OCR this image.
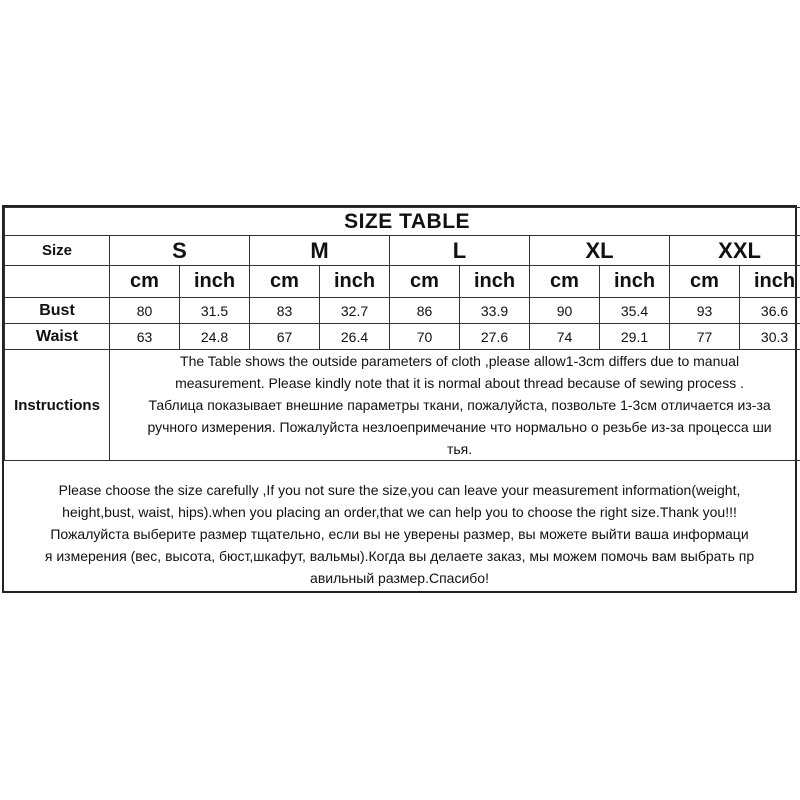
SIZE TABLE										
Size	S		M		L		XL		XXL	
	cm	inch	cm	inch	cm	inch	cm	inch	cm	inch
Bust	80	31.5	83	32.7	86	33.9	90	35.4	93	36.6
Waist	63	24.8	67	26.4	70	27.6	74	29.1	77	30.3
Instructions	The Table shows the outside parameters of cloth ,please allow1-3cm differs due to manual
measurement. Please kindly note that it is normal about thread because of sewing process .
Таблица показывает внешние параметры ткани, пожалуйста, позвольте 1-3см отличается из-за
ручного измерения. Пожалуйста незлоепримечание что нормально о резьбе из-за процесса ши
тья.									
Please choose the size carefully ,If you not sure the size,you can leave your measurement information(weight,
height,bust, waist, hips).when you placing an order,that we can help you to choose the right size.Thank you!!!
Пожалуйста выберите размер тщательно, если вы не уверены размер, вы можете выйти ваша информаци
я измерения (вес, высота, бюст,шкафут, вальмы).Когда вы делаете заказ, мы можем помочь вам выбрать пр
авильный размер.Спасибо!
